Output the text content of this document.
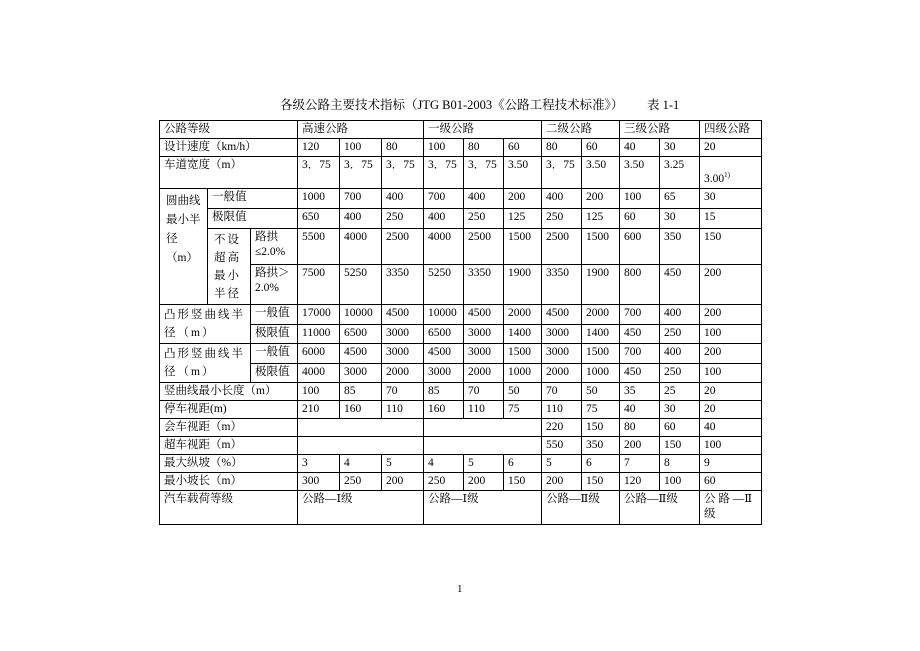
各级公路主要技术指标（JTG B01-2003《公路工程技术标准》） 表 1-1
公路等级			高速公路			一级公路			二级公路		三级公路		四级公路
设计速度（km/h）			120	100	80	100	80	60	80	60	40	30	20
车道宽度（m）			3．75	3．75	3．75	3．75	3．75	3.50	3．75	3.50	3.50	3.25	3.00$^{1)}$
圆曲线最小半径（m）	一般值		1000	700	400	700	400	200	400	200	100	65	30
	极限值		650	400	250	400	250	125	250	125	60	30	15
	不设超高最小半径	路拱≤2.0%	5500	4000	2500	4000	2500	1500	2500	1500	600	350	150
		路拱＞2.0%	7500	5250	3350	5250	3350	1900	3350	1900	800	450	200
凸形竖曲线半径（m）		一般值	17000	10000	4500	10000	4500	2000	4500	2000	700	400	200
		极限值	11000	6500	3000	6500	3000	1400	3000	1400	450	250	100
凸形竖曲线半径（m）		一般值	6000	4500	3000	4500	3000	1500	3000	1500	700	400	200
		极限值	4000	3000	2000	3000	2000	1000	2000	1000	450	250	100
竖曲线最小长度（m）			100	85	70	85	70	50	70	50	35	25	20
停车视距(m)			210	160	110	160	110	75	110	75	40	30	20
会车视距（m）									220	150	80	60	40
超车视距（m）									550	350	200	150	100
最大纵坡（%）			3	4	5	4	5	6	5	6	7	8	9
最小坡长（m）			300	250	200	250	200	150	200	150	120	100	60
汽车载荷等级			公路—Ⅰ级			公路—Ⅰ级			公路—Ⅱ级		公路—Ⅱ级		公 路 —Ⅱ级
1
